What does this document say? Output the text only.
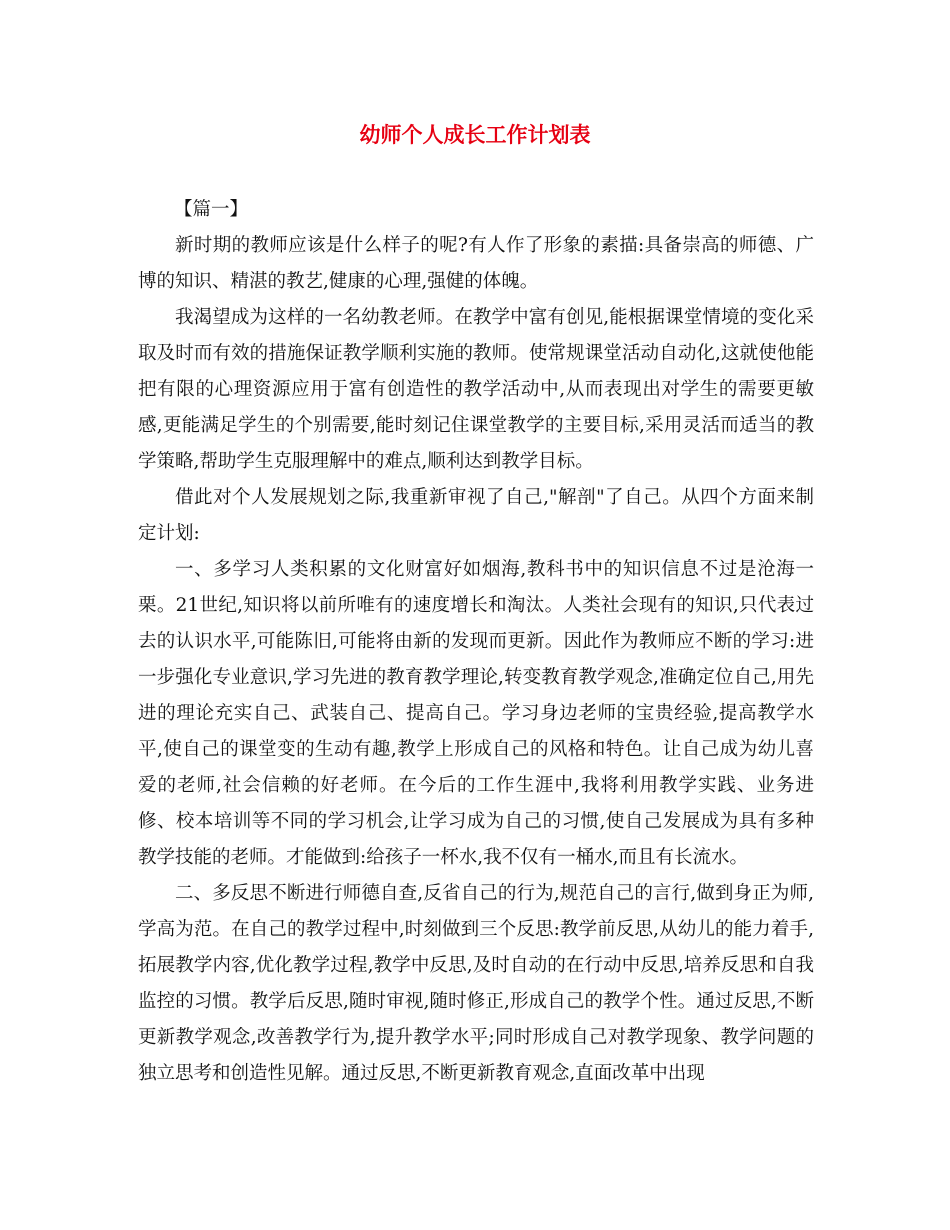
幼师个人成长工作计划表

【篇一】

新时期的教师应该是什么样子的呢?有人作了形象的素描:具备崇高的师德、广博的知识、精湛的教艺,健康的心理,强健的体魄。

我渴望成为这样的一名幼教老师。在教学中富有创见,能根据课堂情境的变化采取及时而有效的措施保证教学顺利实施的教师。使常规课堂活动自动化,这就使他能把有限的心理资源应用于富有创造性的教学活动中,从而表现出对学生的需要更敏感,更能满足学生的个别需要,能时刻记住课堂教学的主要目标,采用灵活而适当的教学策略,帮助学生克服理解中的难点,顺利达到教学目标。

借此对个人发展规划之际,我重新审视了自己,"解剖"了自己。从四个方面来制定计划:

一、多学习人类积累的文化财富好如烟海,教科书中的知识信息不过是沧海一栗。21世纪,知识将以前所唯有的速度增长和淘汰。人类社会现有的知识,只代表过去的认识水平,可能陈旧,可能将由新的发现而更新。因此作为教师应不断的学习:进一步强化专业意识,学习先进的教育教学理论,转变教育教学观念,准确定位自己,用先进的理论充实自己、武装自己、提高自己。学习身边老师的宝贵经验,提高教学水平,使自己的课堂变的生动有趣,教学上形成自己的风格和特色。让自己成为幼儿喜爱的老师,社会信赖的好老师。在今后的工作生涯中,我将利用教学实践、业务进修、校本培训等不同的学习机会,让学习成为自己的习惯,使自己发展成为具有多种教学技能的老师。才能做到:给孩子一杯水,我不仅有一桶水,而且有长流水。

二、多反思不断进行师德自查,反省自己的行为,规范自己的言行,做到身正为师,学高为范。在自己的教学过程中,时刻做到三个反思:教学前反思,从幼儿的能力着手,拓展教学内容,优化教学过程,教学中反思,及时自动的在行动中反思,培养反思和自我监控的习惯。教学后反思,随时审视,随时修正,形成自己的教学个性。通过反思,不断更新教学观念,改善教学行为,提升教学水平;同时形成自己对教学现象、教学问题的独立思考和创造性见解。通过反思,不断更新教育观念,直面改革中出现
